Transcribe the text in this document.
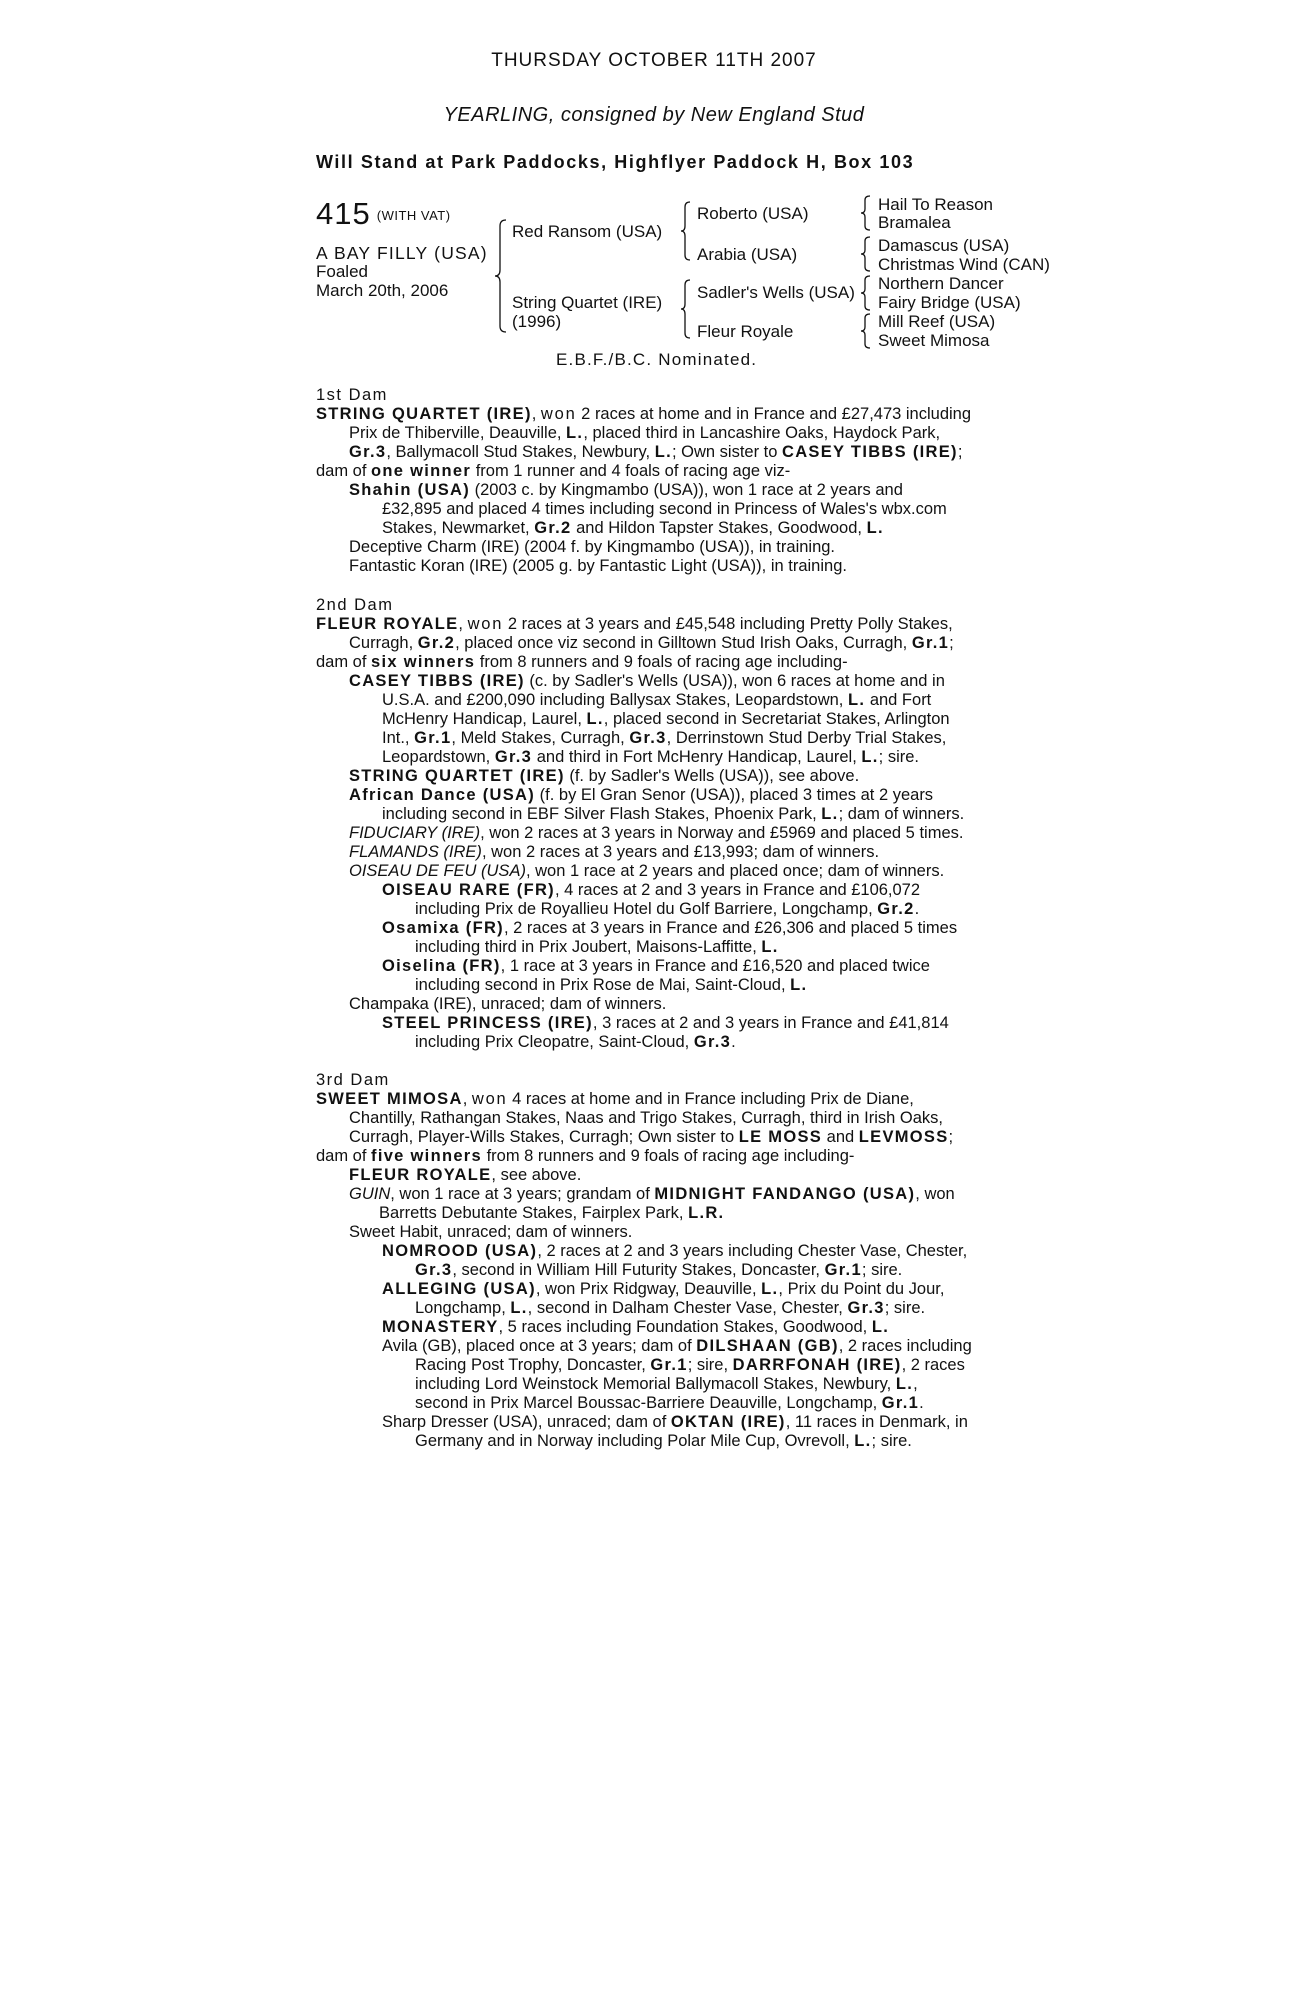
THURSDAY OCTOBER 11TH 2007
YEARLING, consigned by New England Stud
Will Stand at Park Paddocks, Highflyer Paddock H, Box 103
415 $^{(WITH VAT)}$
A BAY FILLY (USA)
Foaled
March 20th, 2006
Red Ransom (USA)
String Quartet (IRE)
(1996)
Roberto (USA)
Arabia (USA)
Sadler's Wells (USA)
Fleur Royale
Hail To Reason
Bramalea
Damascus (USA)
Christmas Wind (CAN)
Northern Dancer
Fairy Bridge (USA)
Mill Reef (USA)
Sweet Mimosa
E.B.F./B.C. Nominated.
1st Dam
STRING QUARTET (IRE), won 2 races at home and in France and £27,473 including
Prix de Thiberville, Deauville, L., placed third in Lancashire Oaks, Haydock Park,
Gr.3, Ballymacoll Stud Stakes, Newbury, L.; Own sister to CASEY TIBBS (IRE);
dam of one winner from 1 runner and 4 foals of racing age viz-
Shahin (USA) (2003 c. by Kingmambo (USA)), won 1 race at 2 years and
£32,895 and placed 4 times including second in Princess of Wales's wbx.com
Stakes, Newmarket, Gr.2 and Hildon Tapster Stakes, Goodwood, L.
Deceptive Charm (IRE) (2004 f. by Kingmambo (USA)), in training.
Fantastic Koran (IRE) (2005 g. by Fantastic Light (USA)), in training.
2nd Dam
FLEUR ROYALE, won 2 races at 3 years and £45,548 including Pretty Polly Stakes,
Curragh, Gr.2, placed once viz second in Gilltown Stud Irish Oaks, Curragh, Gr.1;
dam of six winners from 8 runners and 9 foals of racing age including-
CASEY TIBBS (IRE) (c. by Sadler's Wells (USA)), won 6 races at home and in
U.S.A. and £200,090 including Ballysax Stakes, Leopardstown, L. and Fort
McHenry Handicap, Laurel, L., placed second in Secretariat Stakes, Arlington
Int., Gr.1, Meld Stakes, Curragh, Gr.3, Derrinstown Stud Derby Trial Stakes,
Leopardstown, Gr.3 and third in Fort McHenry Handicap, Laurel, L.; sire.
STRING QUARTET (IRE) (f. by Sadler's Wells (USA)), see above.
African Dance (USA) (f. by El Gran Senor (USA)), placed 3 times at 2 years
including second in EBF Silver Flash Stakes, Phoenix Park, L.; dam of winners.
FIDUCIARY (IRE), won 2 races at 3 years in Norway and £5969 and placed 5 times.
FLAMANDS (IRE), won 2 races at 3 years and £13,993; dam of winners.
OISEAU DE FEU (USA), won 1 race at 2 years and placed once; dam of winners.
OISEAU RARE (FR), 4 races at 2 and 3 years in France and £106,072
including Prix de Royallieu Hotel du Golf Barriere, Longchamp, Gr.2.
Osamixa (FR), 2 races at 3 years in France and £26,306 and placed 5 times
including third in Prix Joubert, Maisons-Laffitte, L.
Oiselina (FR), 1 race at 3 years in France and £16,520 and placed twice
including second in Prix Rose de Mai, Saint-Cloud, L.
Champaka (IRE), unraced; dam of winners.
STEEL PRINCESS (IRE), 3 races at 2 and 3 years in France and £41,814
including Prix Cleopatre, Saint-Cloud, Gr.3.
3rd Dam
SWEET MIMOSA, won 4 races at home and in France including Prix de Diane,
Chantilly, Rathangan Stakes, Naas and Trigo Stakes, Curragh, third in Irish Oaks,
Curragh, Player-Wills Stakes, Curragh; Own sister to LE MOSS and LEVMOSS;
dam of five winners from 8 runners and 9 foals of racing age including-
FLEUR ROYALE, see above.
GUIN, won 1 race at 3 years; grandam of MIDNIGHT FANDANGO (USA), won
Barretts Debutante Stakes, Fairplex Park, L.R.
Sweet Habit, unraced; dam of winners.
NOMROOD (USA), 2 races at 2 and 3 years including Chester Vase, Chester,
Gr.3, second in William Hill Futurity Stakes, Doncaster, Gr.1; sire.
ALLEGING (USA), won Prix Ridgway, Deauville, L., Prix du Point du Jour,
Longchamp, L., second in Dalham Chester Vase, Chester, Gr.3; sire.
MONASTERY, 5 races including Foundation Stakes, Goodwood, L.
Avila (GB), placed once at 3 years; dam of DILSHAAN (GB), 2 races including
Racing Post Trophy, Doncaster, Gr.1; sire, DARRFONAH (IRE), 2 races
including Lord Weinstock Memorial Ballymacoll Stakes, Newbury, L.,
second in Prix Marcel Boussac-Barriere Deauville, Longchamp, Gr.1.
Sharp Dresser (USA), unraced; dam of OKTAN (IRE), 11 races in Denmark, in
Germany and in Norway including Polar Mile Cup, Ovrevoll, L.; sire.
